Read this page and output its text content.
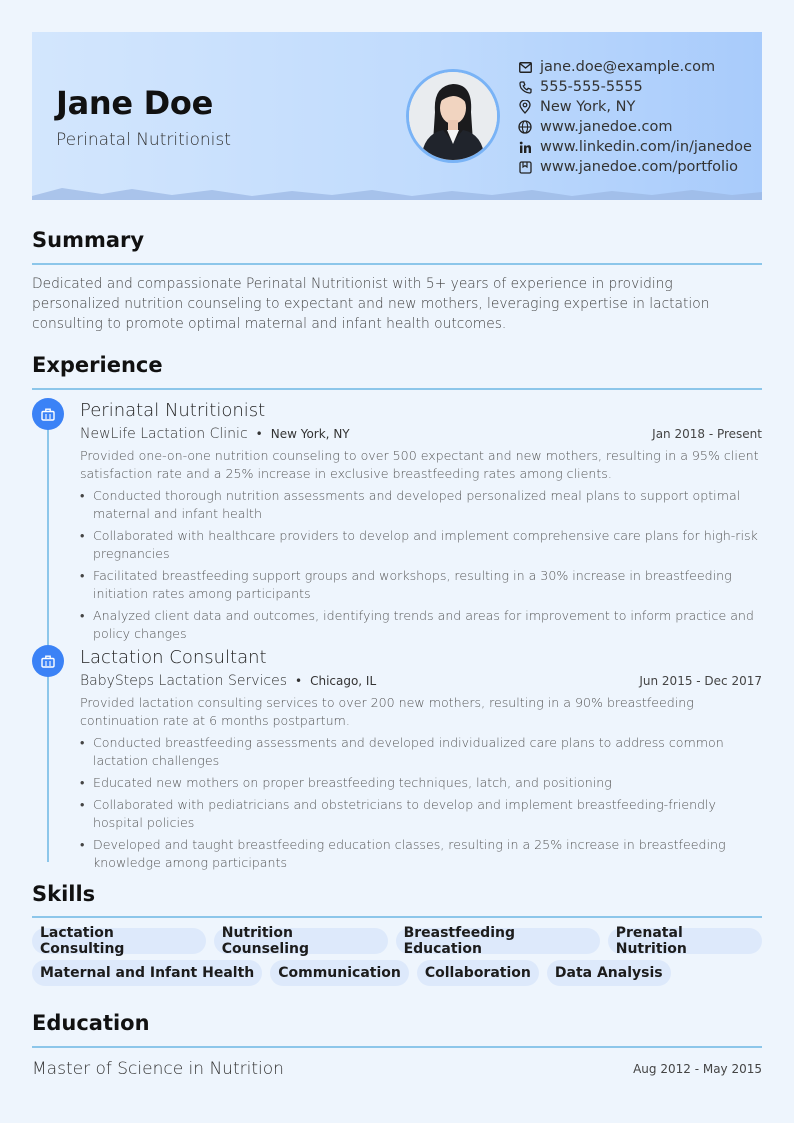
Jane Doe
Perinatal Nutritionist
jane.doe@example.com
555-555-5555
New York, NY
www.janedoe.com
www.linkedin.com/in/janedoe
www.janedoe.com/portfolio
Summary
Dedicated and compassionate Perinatal Nutritionist with 5+ years of experience in providing personalized nutrition counseling to expectant and new mothers, leveraging expertise in lactation consulting to promote optimal maternal and infant health outcomes.
Experience
Perinatal Nutritionist
NewLife Lactation Clinic • New York, NY	Jan 2018 - Present
Provided one-on-one nutrition counseling to over 500 expectant and new mothers, resulting in a 95% client satisfaction rate and a 25% increase in exclusive breastfeeding rates among clients.
• Conducted thorough nutrition assessments and developed personalized meal plans to support optimal maternal and infant health
• Collaborated with healthcare providers to develop and implement comprehensive care plans for high-risk pregnancies
• Facilitated breastfeeding support groups and workshops, resulting in a 30% increase in breastfeeding initiation rates among participants
• Analyzed client data and outcomes, identifying trends and areas for improvement to inform practice and policy changes
Lactation Consultant
BabySteps Lactation Services • Chicago, IL	Jun 2015 - Dec 2017
Provided lactation consulting services to over 200 new mothers, resulting in a 90% breastfeeding continuation rate at 6 months postpartum.
• Conducted breastfeeding assessments and developed individualized care plans to address common lactation challenges
• Educated new mothers on proper breastfeeding techniques, latch, and positioning
• Collaborated with pediatricians and obstetricians to develop and implement breastfeeding-friendly hospital policies
• Developed and taught breastfeeding education classes, resulting in a 25% increase in breastfeeding knowledge among participants
Skills
Lactation Consulting
Nutrition Counseling
Breastfeeding Education
Prenatal Nutrition
Maternal and Infant Health	Communication	Collaboration	Data Analysis
Education
Master of Science in Nutrition	Aug 2012 - May 2015
